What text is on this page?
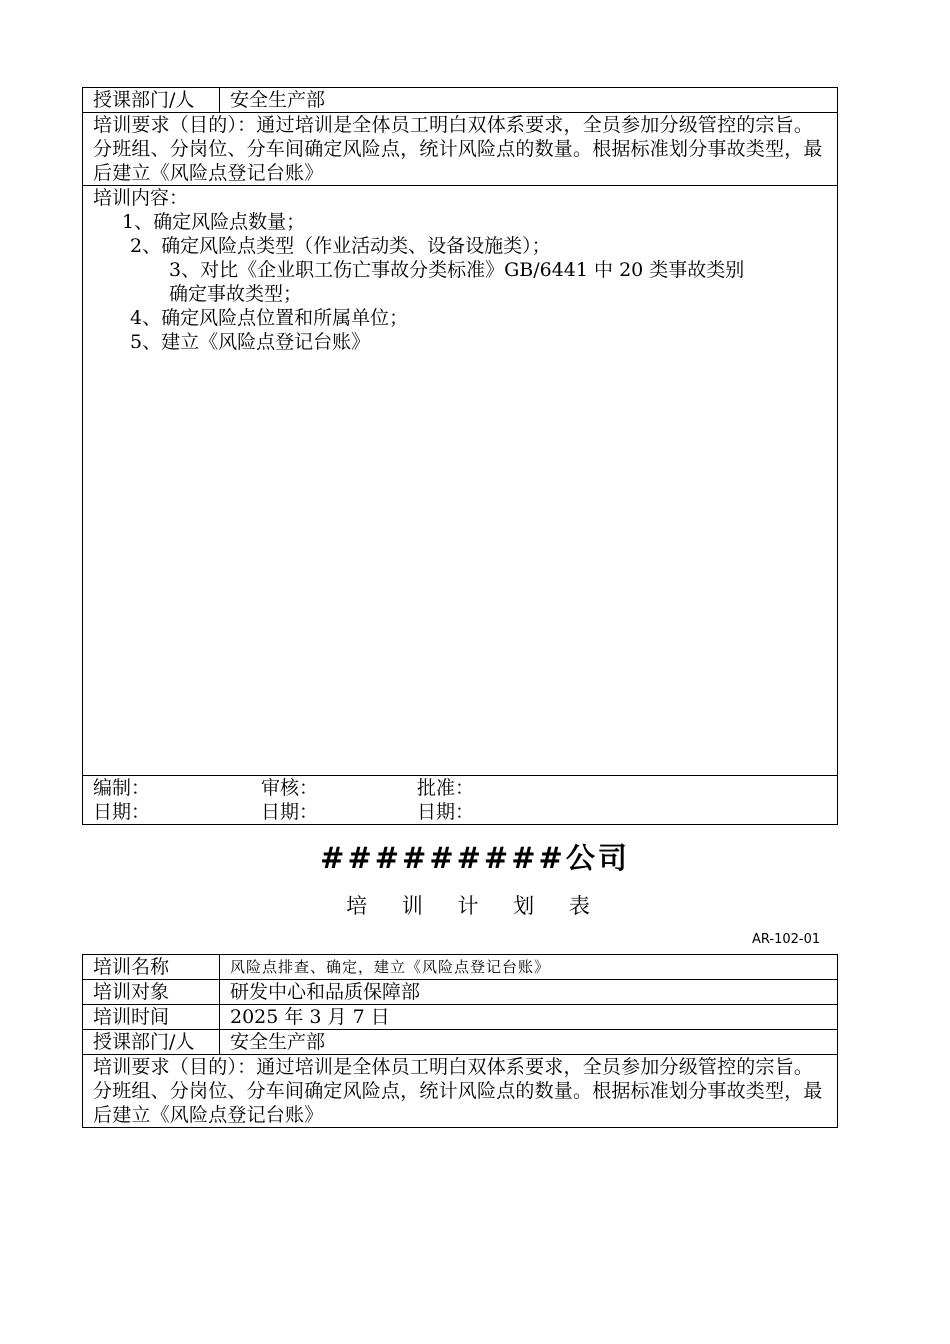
授课部门/人	安全生产部
培训要求（目的）：通过培训是全体员工明白双体系要求，全员参加分级管控的宗旨。分班组、分岗位、分车间确定风险点，统计风险点的数量。根据标准划分事故类型，最后建立《风险点登记台账》

培训内容：
1、确定风险点数量；
2、确定风险点类型（作业活动类、设备设施类）；
3、对比《企业职工伤亡事故分类标准》GB/6441 中 20 类事故类别
确定事故类型；
4、确定风险点位置和所属单位；
5、建立《风险点登记台账》

编制：	审核：	批准：
日期：	日期：	日期：
#########公司
培 训 计 划 表
AR-102-01
培训名称	风险点排查、确定，建立《风险点登记台账》
培训对象	研发中心和品质保障部
培训时间	2025 年 3 月 7 日
授课部门/人	安全生产部
培训要求（目的）：通过培训是全体员工明白双体系要求，全员参加分级管控的宗旨。分班组、分岗位、分车间确定风险点，统计风险点的数量。根据标准划分事故类型，最后建立《风险点登记台账》	
